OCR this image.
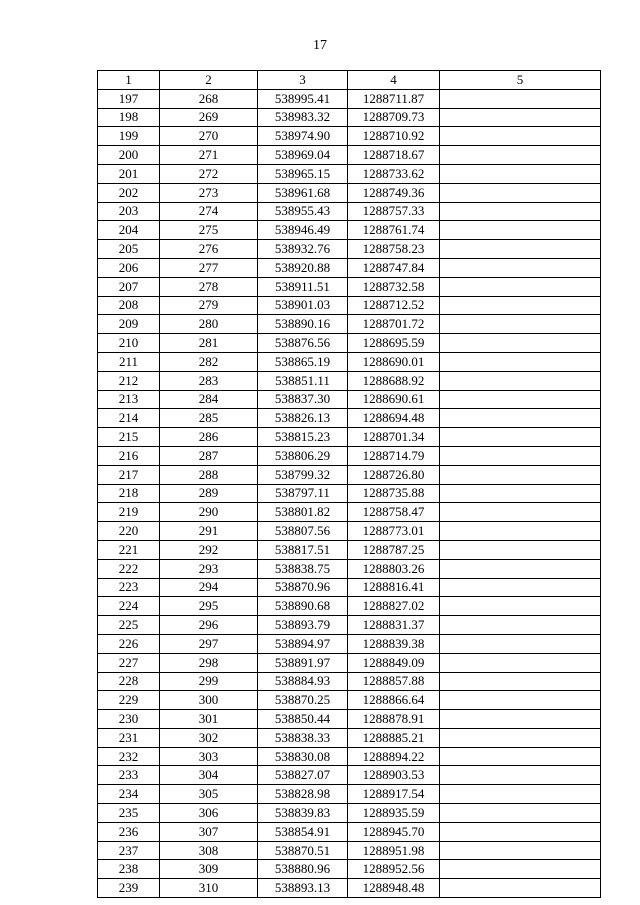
17
1	2	3	4	5
197	268	538995.41	1288711.87	
198	269	538983.32	1288709.73	
199	270	538974.90	1288710.92	
200	271	538969.04	1288718.67	
201	272	538965.15	1288733.62	
202	273	538961.68	1288749.36	
203	274	538955.43	1288757.33	
204	275	538946.49	1288761.74	
205	276	538932.76	1288758.23	
206	277	538920.88	1288747.84	
207	278	538911.51	1288732.58	
208	279	538901.03	1288712.52	
209	280	538890.16	1288701.72	
210	281	538876.56	1288695.59	
211	282	538865.19	1288690.01	
212	283	538851.11	1288688.92	
213	284	538837.30	1288690.61	
214	285	538826.13	1288694.48	
215	286	538815.23	1288701.34	
216	287	538806.29	1288714.79	
217	288	538799.32	1288726.80	
218	289	538797.11	1288735.88	
219	290	538801.82	1288758.47	
220	291	538807.56	1288773.01	
221	292	538817.51	1288787.25	
222	293	538838.75	1288803.26	
223	294	538870.96	1288816.41	
224	295	538890.68	1288827.02	
225	296	538893.79	1288831.37	
226	297	538894.97	1288839.38	
227	298	538891.97	1288849.09	
228	299	538884.93	1288857.88	
229	300	538870.25	1288866.64	
230	301	538850.44	1288878.91	
231	302	538838.33	1288885.21	
232	303	538830.08	1288894.22	
233	304	538827.07	1288903.53	
234	305	538828.98	1288917.54	
235	306	538839.83	1288935.59	
236	307	538854.91	1288945.70	
237	308	538870.51	1288951.98	
238	309	538880.96	1288952.56	
239	310	538893.13	1288948.48	
